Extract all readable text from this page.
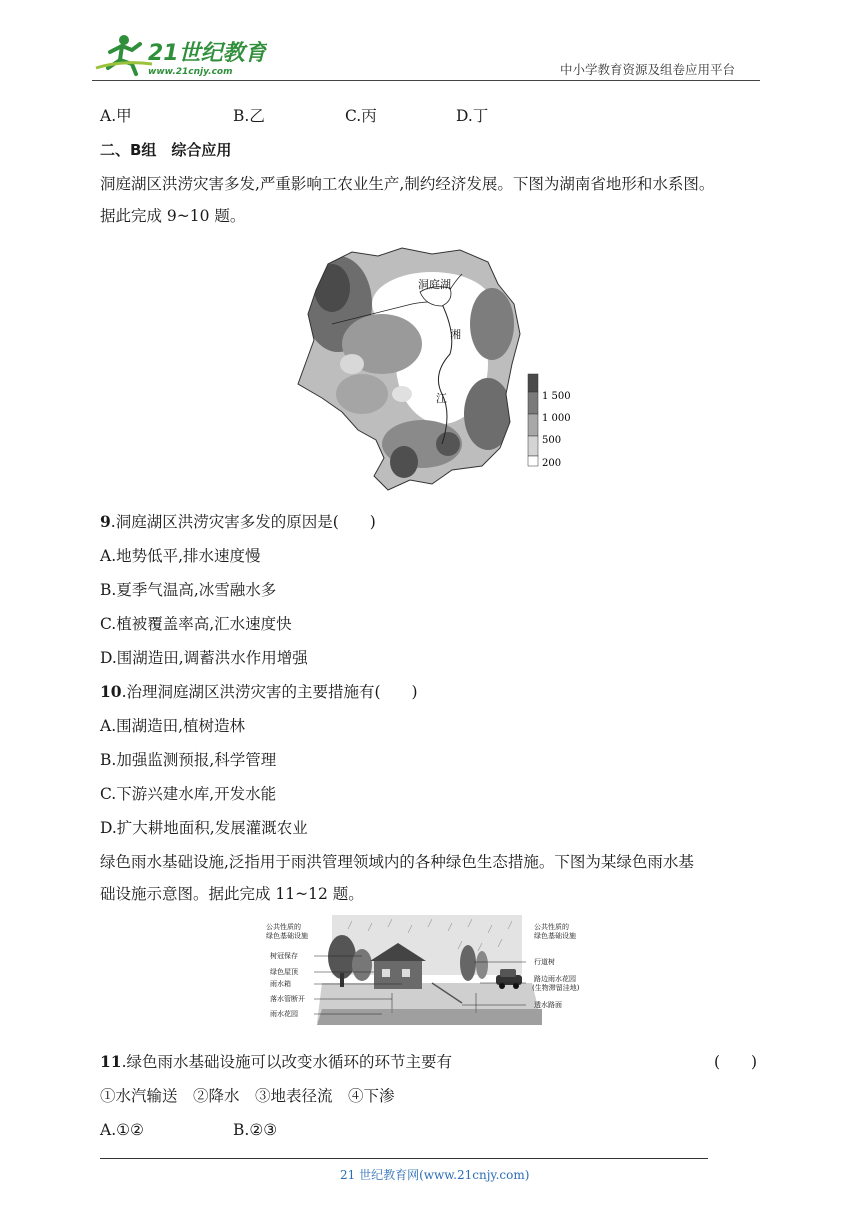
21世纪教育
www.21cnjy.com	中小学教育资源及组卷应用平台
A.甲	B.乙	C.丙	D.丁
二、B组　综合应用
洞庭湖区洪涝灾害多发,严重影响工农业生产,制约经济发展。下图为湖南省地形和水系图。
据此完成 9~10 题。
洞庭湖
湘
江	1 500
1 000
500
200
9.洞庭湖区洪涝灾害多发的原因是(　　)
A.地势低平,排水速度慢
B.夏季气温高,冰雪融水多
C.植被覆盖率高,汇水速度快
D.围湖造田,调蓄洪水作用增强
10.治理洞庭湖区洪涝灾害的主要措施有(　　)
A.围湖造田,植树造林
B.加强监测预报,科学管理
C.下游兴建水库,开发水能
D.扩大耕地面积,发展灌溉农业
绿色雨水基础设施,泛指用于雨洪管理领域内的各种绿色生态措施。下图为某绿色雨水基
础设施示意图。据此完成 11~12 题。
公共性质的
绿色基础设施
树冠保存
绿色屋顶
雨水箱
落水管断开
雨水花园
公共性质的
绿色基础设施
行道树
路边雨水花园
(生物滞留洼地)
透水路面
11.绿色雨水基础设施可以改变水循环的环节主要有	(　　)
①水汽输送　②降水　③地表径流　④下渗
A.①②	B.②③
21 世纪教育网(www.21cnjy.com)
